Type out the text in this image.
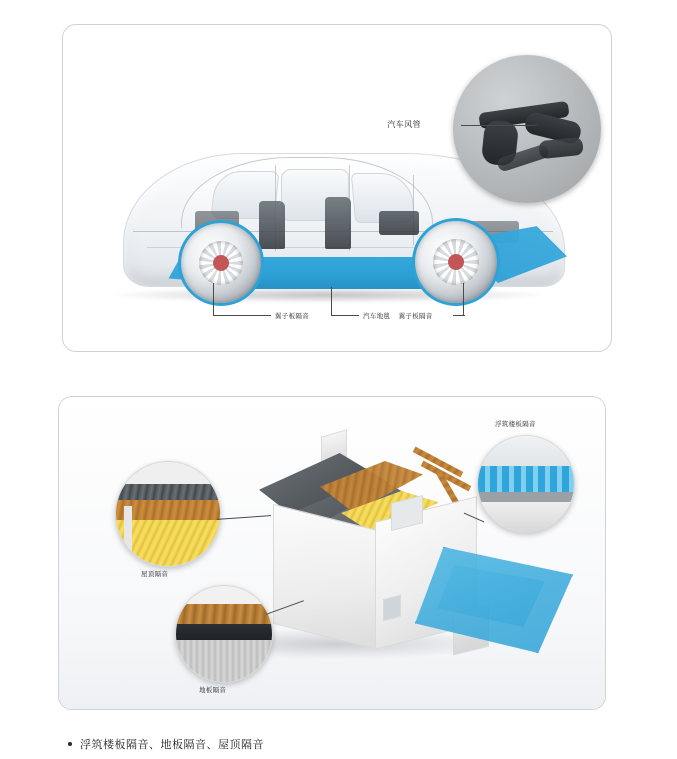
汽车风管
翼子板隔音	汽车地毯 翼子板隔音
浮筑楼板隔音
屋顶隔音
地板隔音
浮筑楼板隔音、地板隔音、屋顶隔音
